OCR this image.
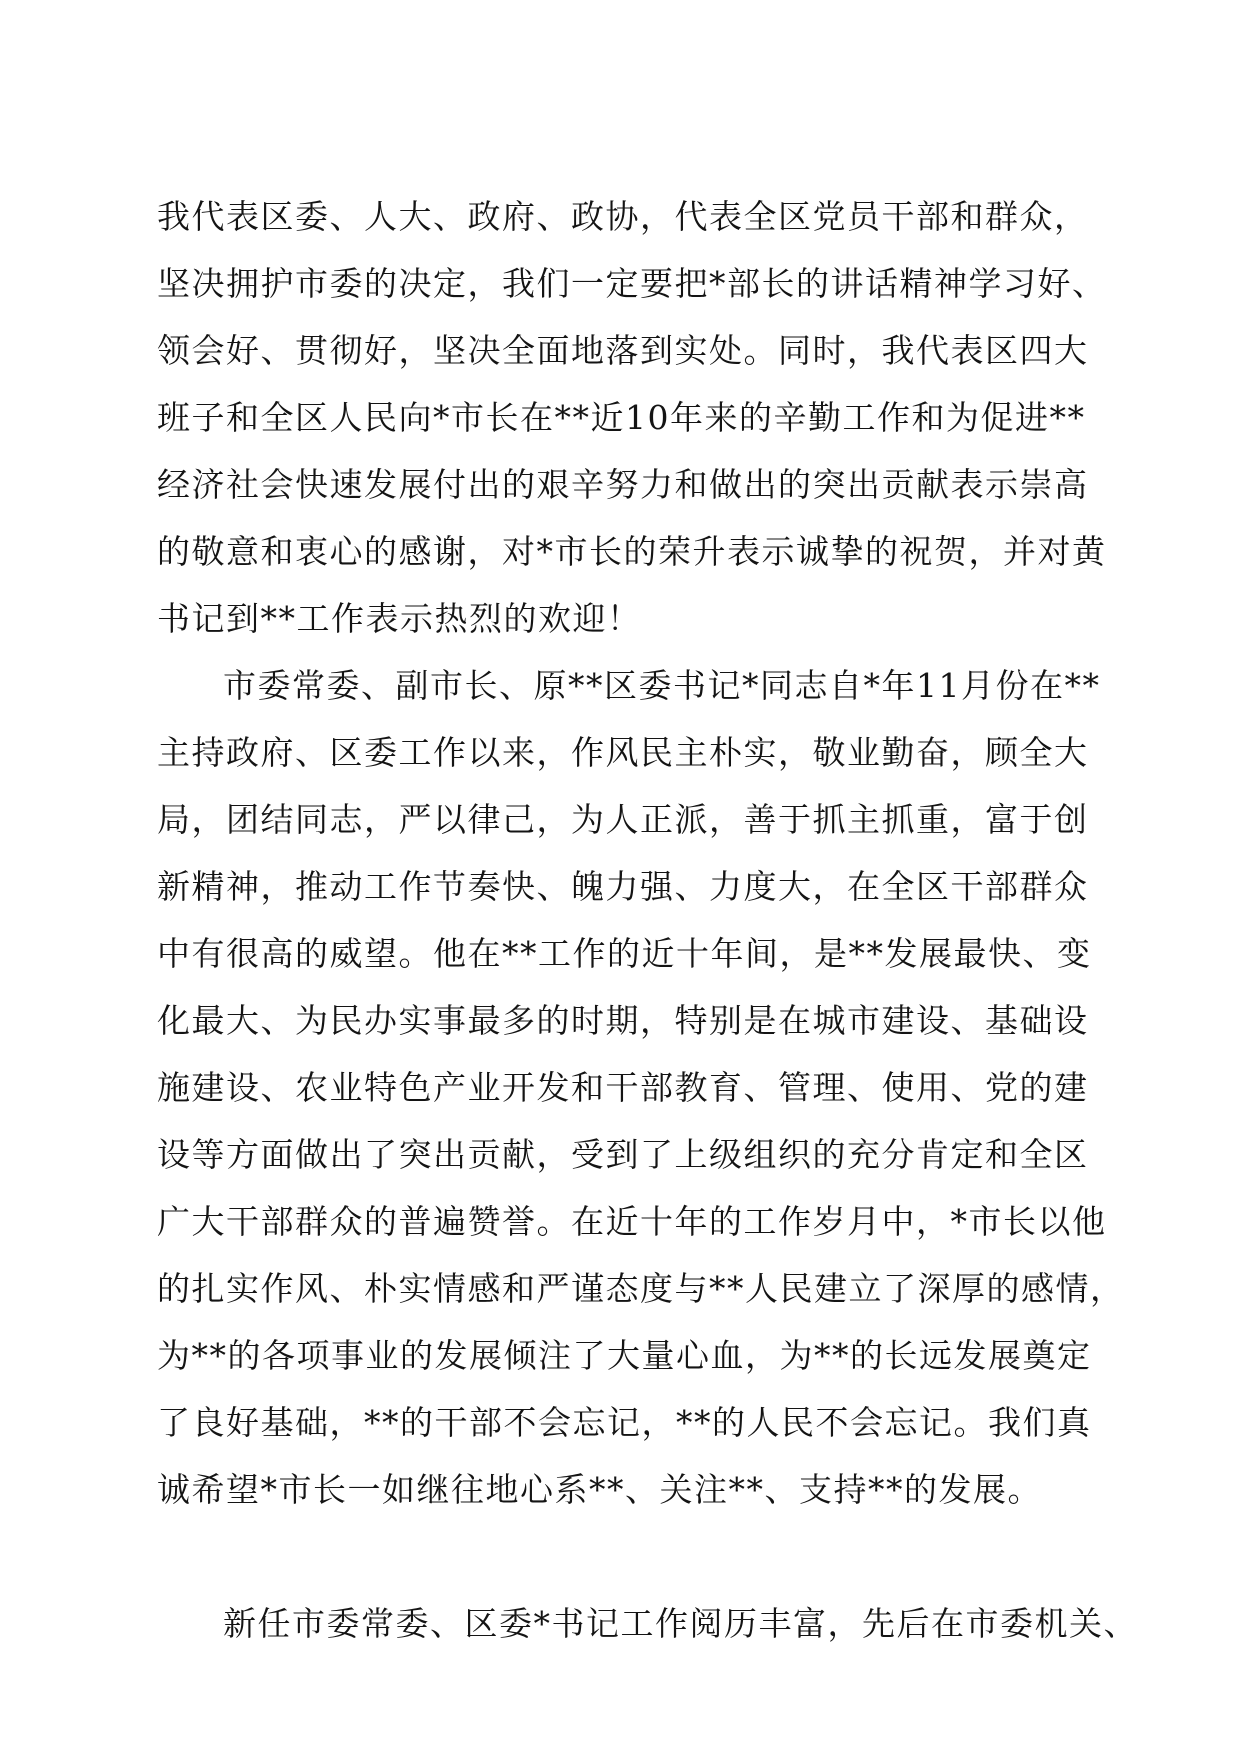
我代表区委、人大、政府、政协，代表全区党员干部和群众，
坚决拥护市委的决定，我们一定要把*部长的讲话精神学习好、
领会好、贯彻好，坚决全面地落到实处。同时，我代表区四大
班子和全区人民向*市长在**近10年来的辛勤工作和为促进**
经济社会快速发展付出的艰辛努力和做出的突出贡献表示崇高
的敬意和衷心的感谢，对*市长的荣升表示诚挚的祝贺，并对黄
书记到**工作表示热烈的欢迎！
市委常委、副市长、原**区委书记*同志自*年11月份在**
主持政府、区委工作以来，作风民主朴实，敬业勤奋，顾全大
局，团结同志，严以律己，为人正派，善于抓主抓重，富于创
新精神，推动工作节奏快、魄力强、力度大，在全区干部群众
中有很高的威望。他在**工作的近十年间，是**发展最快、变
化最大、为民办实事最多的时期，特别是在城市建设、基础设
施建设、农业特色产业开发和干部教育、管理、使用、党的建
设等方面做出了突出贡献，受到了上级组织的充分肯定和全区
广大干部群众的普遍赞誉。在近十年的工作岁月中，*市长以他
的扎实作风、朴实情感和严谨态度与**人民建立了深厚的感情，
为**的各项事业的发展倾注了大量心血，为**的长远发展奠定
了良好基础，**的干部不会忘记，**的人民不会忘记。我们真
诚希望*市长一如继往地心系**、关注**、支持**的发展。
新任市委常委、区委*书记工作阅历丰富，先后在市委机关、
